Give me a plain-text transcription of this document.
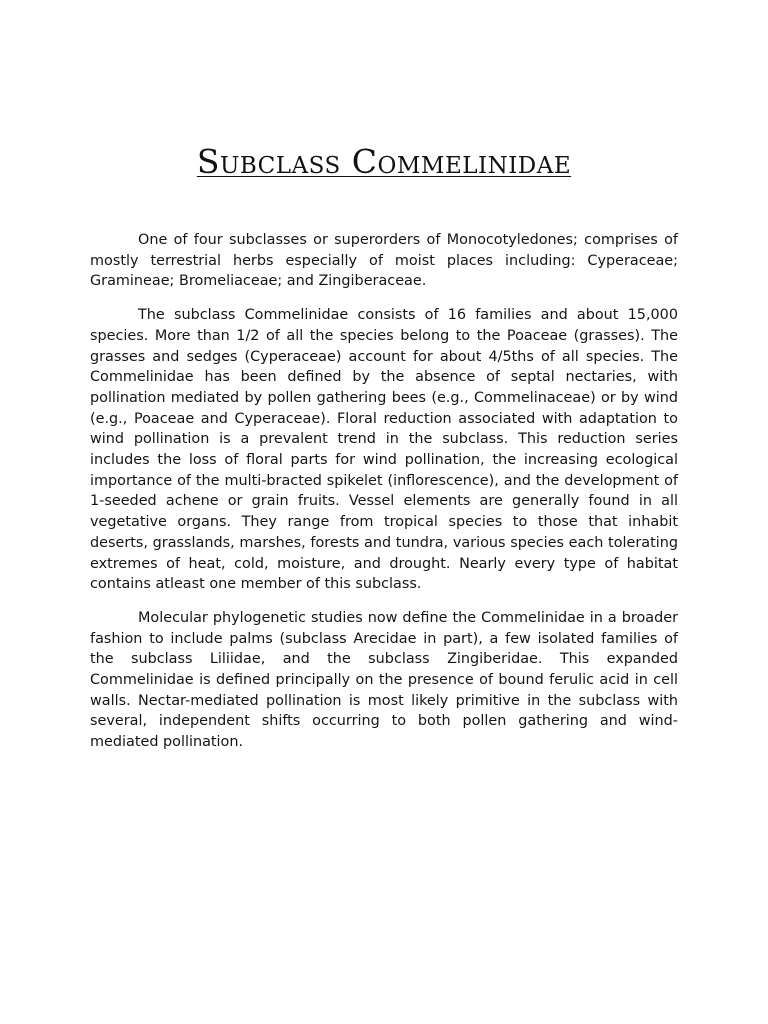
Subclass Commelinidae

One of four subclasses or superorders of Monocotyledones; comprises of mostly terrestrial herbs especially of moist places including: Cyperaceae; Gramineae; Bromeliaceae; and Zingiberaceae.

The subclass Commelinidae consists of 16 families and about 15,000 species. More than 1/2 of all the species belong to the Poaceae (grasses). The grasses and sedges (Cyperaceae) account for about 4/5ths of all species. The Commelinidae has been defined by the absence of septal nectaries, with pollination mediated by pollen gathering bees (e.g., Commelinaceae) or by wind (e.g., Poaceae and Cyperaceae). Floral reduction associated with adaptation to wind pollination is a prevalent trend in the subclass. This reduction series includes the loss of floral parts for wind pollination, the increasing ecological importance of the multi-bracted spikelet (inflorescence), and the development of 1-seeded achene or grain fruits. Vessel elements are generally found in all vegetative organs. They range from tropical species to those that inhabit deserts, grasslands, marshes, forests and tundra, various species each tolerating extremes of heat, cold, moisture, and drought. Nearly every type of habitat contains atleast one member of this subclass.

Molecular phylogenetic studies now define the Commelinidae in a broader fashion to include palms (subclass Arecidae in part), a few isolated families of the subclass Liliidae, and the subclass Zingiberidae. This expanded Commelinidae is defined principally on the presence of bound ferulic acid in cell walls. Nectar-mediated pollination is most likely primitive in the subclass with several, independent shifts occurring to both pollen gathering and wind-mediated pollination.
